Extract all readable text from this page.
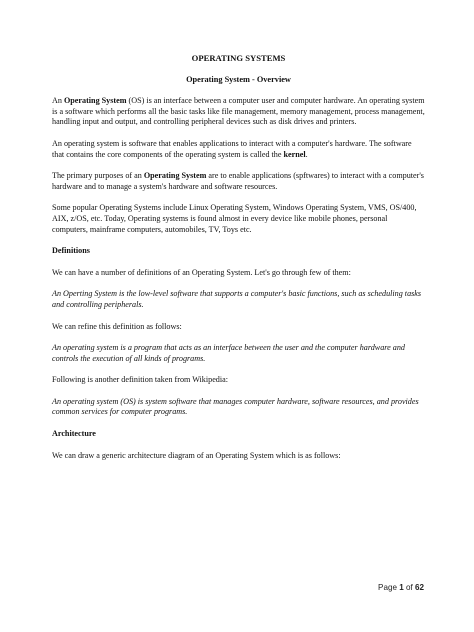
OPERATING SYSTEMS
Operating System - Overview

An Operating System (OS) is an interface between a computer user and computer hardware. An operating system is a software which performs all the basic tasks like file management, memory management, process management, handling input and output, and controlling peripheral devices such as disk drives and printers.

An operating system is software that enables applications to interact with a computer's hardware. The software that contains the core components of the operating system is called the kernel.

The primary purposes of an Operating System are to enable applications (spftwares) to interact with a computer's hardware and to manage a system's hardware and software resources.

Some popular Operating Systems include Linux Operating System, Windows Operating System, VMS, OS/400, AIX, z/OS, etc. Today, Operating systems is found almost in every device like mobile phones, personal computers, mainframe computers, automobiles, TV, Toys etc.

Definitions

We can have a number of definitions of an Operating System. Let's go through few of them:

An Operting System is the low-level software that supports a computer's basic functions, such as scheduling tasks and controlling peripherals.

We can refine this definition as follows:

An operating system is a program that acts as an interface between the user and the computer hardware and controls the execution of all kinds of programs.

Following is another definition taken from Wikipedia:

An operating system (OS) is system software that manages computer hardware, software resources, and provides common services for computer programs.

Architecture

We can draw a generic architecture diagram of an Operating System which is as follows:

Page 1 of 62
